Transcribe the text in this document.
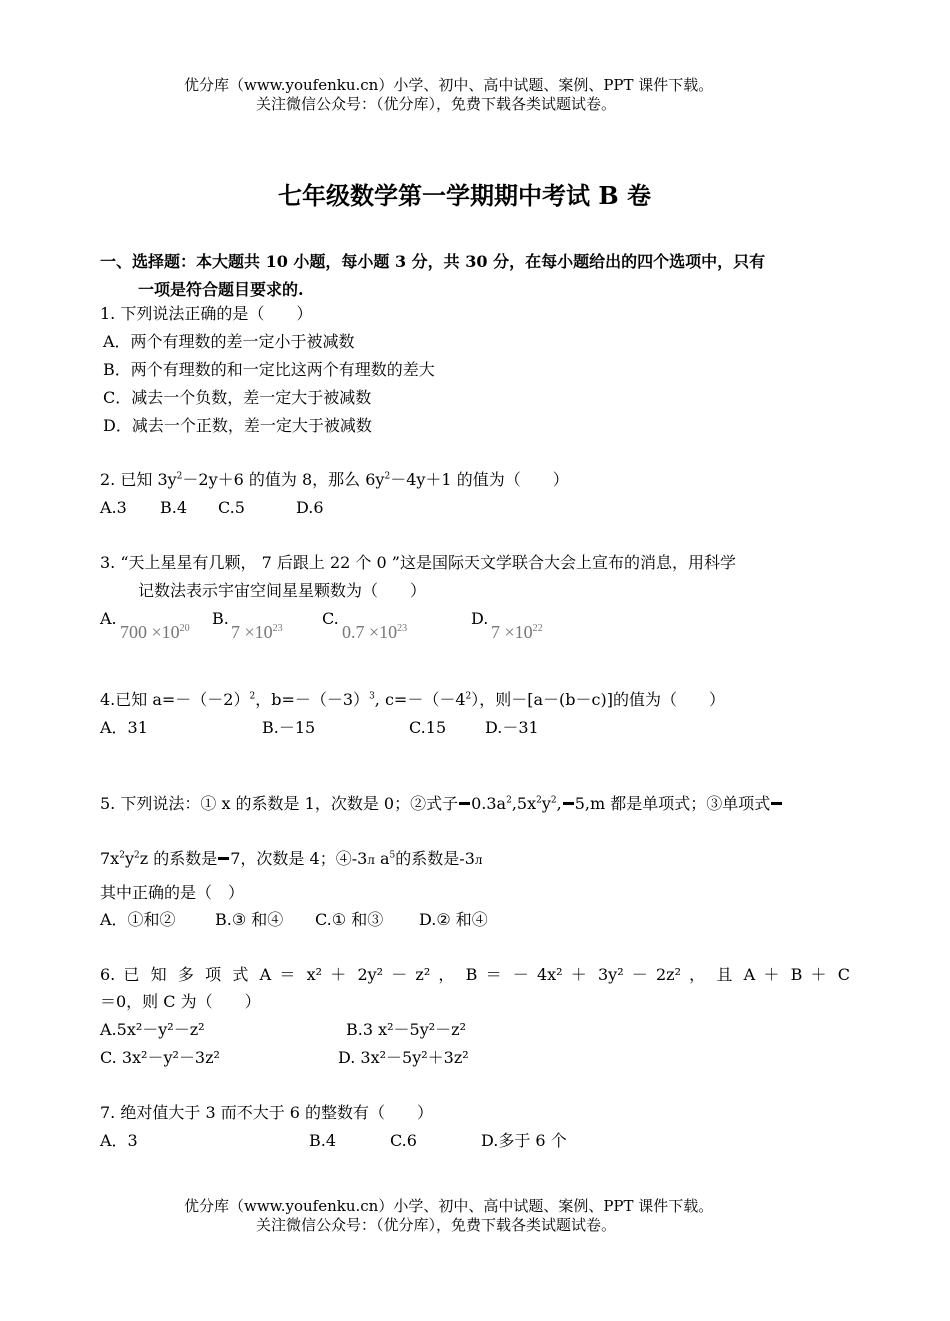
优分库（www.youfenku.cn）小学、初中、高中试题、案例、PPT 课件下载。
关注微信公众号：（优分库），免费下载各类试题试卷。
七年级数学第一学期期中考试 B 卷
一、选择题：本大题共 10 小题，每小题 3 分，共 30 分，在每小题给出的四个选项中，只有
一项是符合题目要求的.
1. 下列说法正确的是（　　）
A．两个有理数的差一定小于被减数
B．两个有理数的和一定比这两个有理数的差大
C．减去一个负数，差一定大于被减数
D．减去一个正数，差一定大于被减数
2. 已知 $3y^2-2y+6$ 的值为 8，那么 $6y^2-4y+1$ 的值为（　　）
A.3 B.4 C.5	D.6
3. “天上星星有几颗， 7 后跟上 22 个 0 ”这是国际天文学联合大会上宣布的消息，用科学
记数法表示宇宙空间星星颗数为（　　）
A.
$700 \times 10^{20}$
B.
$7 \times 10^{23}$
C.
$0.7 \times 10^{23}$
D.
$7 \times 10^{22}$
4.已知 $a=-(-2)^2$，$b=-(-3)^3$, $c=-(-4^2)$，则－[a－(b－c)]的值为（　　）
A．31	B.－15	C.15 D.－31
5. 下列说法：① x 的系数是 1，次数是 0；②式子 $0.3a^2,5x^2y^2$, 5,m 都是单项式；③单项式
$7x^2y^2z$ 的系数是 7，次数是 4；④-3л $a^5$的系数是-3л
其中正确的是（　）
A．①和② B.③ 和④ C.① 和③ D.② 和④
6. 已 知 多 项 式 A ＝ x² ＋ 2y² － z² ， B ＝ － 4x² ＋ 3y² － 2z² ， 且 A ＋ B ＋ C
＝0，则 C 为（　　）
A.5x²－y²－z²	B.3 x²－5y²－z²
C. 3x²－y²－3z²	D. 3x²－5y²＋3z²
7. 绝对值大于 3 而不大于 6 的整数有（　　）
A．3	B.4	C.6	D.多于 6 个
优分库（www.youfenku.cn）小学、初中、高中试题、案例、PPT 课件下载。
关注微信公众号：（优分库），免费下载各类试题试卷。
